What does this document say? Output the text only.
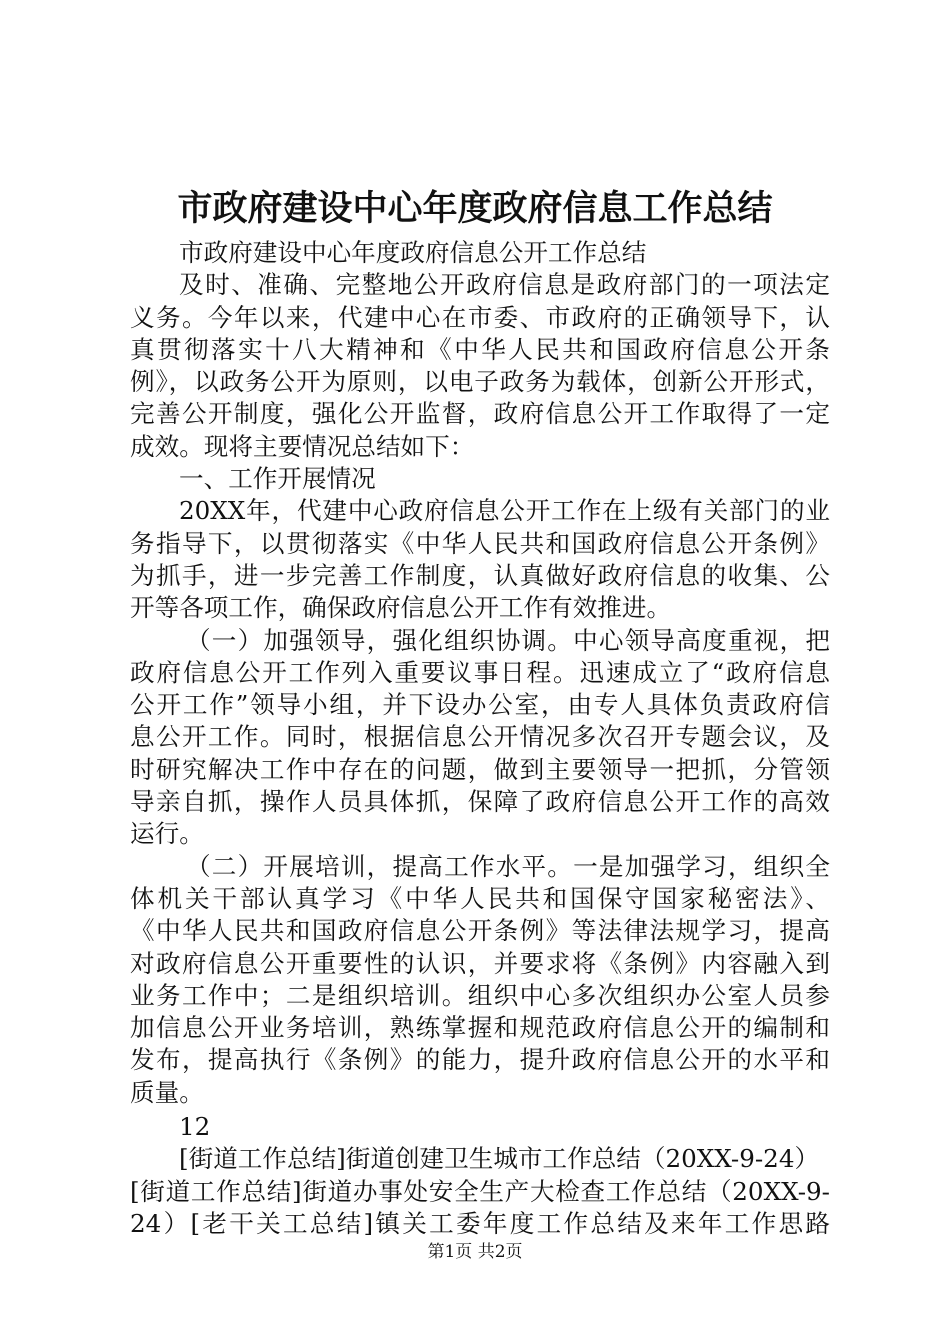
市政府建设中心年度政府信息工作总结
市政府建设中心年度政府信息公开工作总结
及时、准确、完整地公开政府信息是政府部门的一项法定
义务。今年以来，代建中心在市委、市政府的正确领导下，认
真贯彻落实十八大精神和《中华人民共和国政府信息公开条
例》，以政务公开为原则，以电子政务为载体，创新公开形式，
完善公开制度，强化公开监督，政府信息公开工作取得了一定
成效。现将主要情况总结如下：
一、工作开展情况
20XX年，代建中心政府信息公开工作在上级有关部门的业
务指导下，以贯彻落实《中华人民共和国政府信息公开条例》
为抓手，进一步完善工作制度，认真做好政府信息的收集、公
开等各项工作，确保政府信息公开工作有效推进。
（一）加强领导，强化组织协调。中心领导高度重视，把
政府信息公开工作列入重要议事日程。迅速成立了“政府信息
公开工作”领导小组，并下设办公室，由专人具体负责政府信
息公开工作。同时，根据信息公开情况多次召开专题会议，及
时研究解决工作中存在的问题，做到主要领导一把抓，分管领
导亲自抓，操作人员具体抓，保障了政府信息公开工作的高效
运行。
（二）开展培训，提高工作水平。一是加强学习，组织全
体机关干部认真学习《中华人民共和国保守国家秘密法》、
《中华人民共和国政府信息公开条例》等法律法规学习，提高
对政府信息公开重要性的认识，并要求将《条例》内容融入到
业务工作中；二是组织培训。组织中心多次组织办公室人员参
加信息公开业务培训，熟练掌握和规范政府信息公开的编制和
发布，提高执行《条例》的能力，提升政府信息公开的水平和
质量。
12
[街道工作总结]街道创建卫生城市工作总结（20XX-9-24）
[街道工作总结]街道办事处安全生产大检查工作总结（20XX-9-
24）[老干关工总结]镇关工委年度工作总结及来年工作思路
第1页 共2页
